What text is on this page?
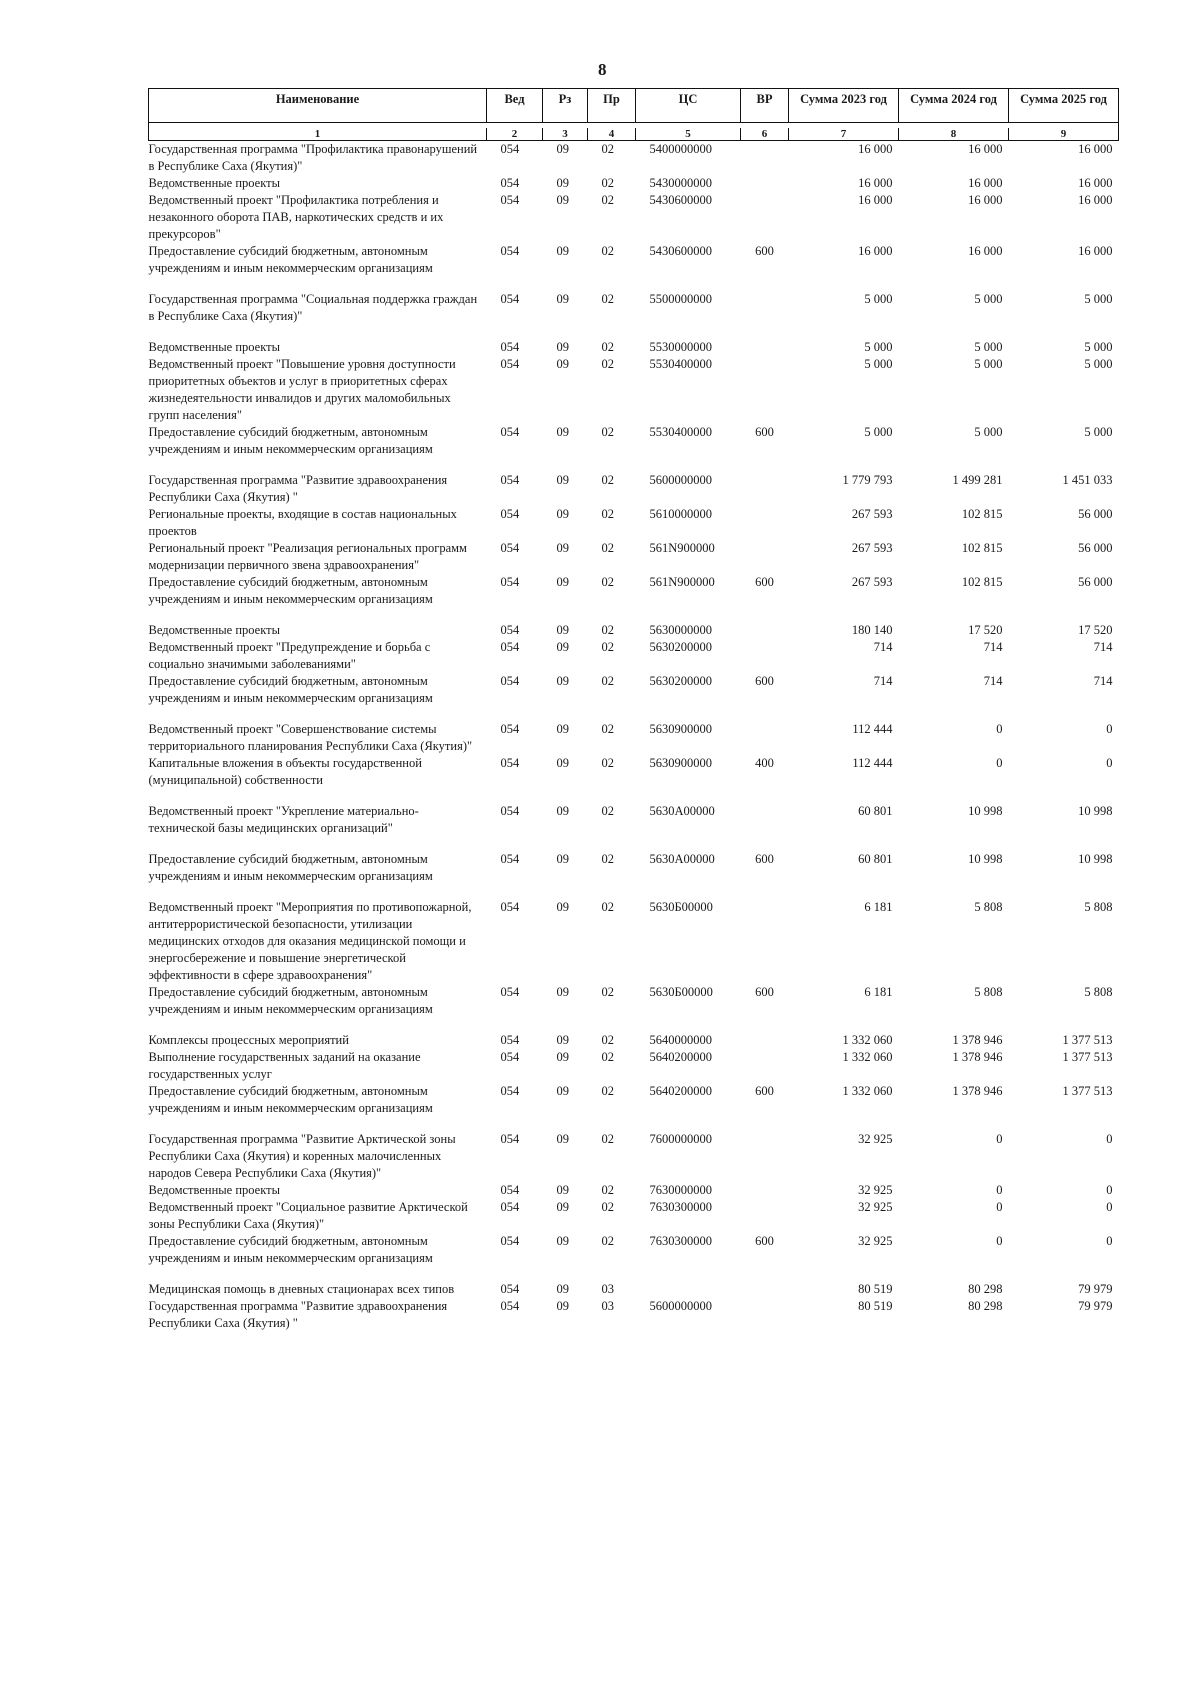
8
Наименование	Вед	Рз	Пр	ЦС	ВР	Сумма 2023 год	Сумма 2024 год	Сумма 2025 год

1	2	3	4	5	6	7	8	9
Государственная программа "Профилактика правонарушений в Республике Саха (Якутия)"	054	09	02	5400000000		16 000	16 000	16 000
Ведомственные проекты	054	09	02	5430000000		16 000	16 000	16 000
Ведомственный проект "Профилактика потребления и незаконного оборота ПАВ, наркотических средств и их прекурсоров"	054	09	02	5430600000		16 000	16 000	16 000
Предоставление субсидий бюджетным, автономным учреждениям и иным некоммерческим организациям	054	09	02	5430600000	600	16 000	16 000	16 000

Государственная программа "Социальная поддержка граждан в Республике Саха (Якутия)"	054	09	02	5500000000		5 000	5 000	5 000

Ведомственные проекты	054	09	02	5530000000		5 000	5 000	5 000
Ведомственный проект "Повышение уровня доступности приоритетных объектов и услуг в приоритетных сферах жизнедеятельности инвалидов и других маломобильных групп населения"	054	09	02	5530400000		5 000	5 000	5 000
Предоставление субсидий бюджетным, автономным учреждениям и иным некоммерческим организациям	054	09	02	5530400000	600	5 000	5 000	5 000

Государственная программа "Развитие здравоохранения Республики Саха (Якутия) "	054	09	02	5600000000		1 779 793	1 499 281	1 451 033
Региональные проекты, входящие в состав национальных проектов	054	09	02	5610000000		267 593	102 815	56 000
Региональный проект "Реализация региональных программ модернизации первичного звена здравоохранения"	054	09	02	561N900000		267 593	102 815	56 000
Предоставление субсидий бюджетным, автономным учреждениям и иным некоммерческим организациям	054	09	02	561N900000	600	267 593	102 815	56 000

Ведомственные проекты	054	09	02	5630000000		180 140	17 520	17 520
Ведомственный проект "Предупреждение и борьба с социально значимыми заболеваниями"	054	09	02	5630200000		714	714	714
Предоставление субсидий бюджетным, автономным учреждениям и иным некоммерческим организациям	054	09	02	5630200000	600	714	714	714

Ведомственный проект "Совершенствование системы территориального планирования Республики Саха (Якутия)"	054	09	02	5630900000		112 444	0	0
Капитальные вложения в объекты государственной (муниципальной) собственности	054	09	02	5630900000	400	112 444	0	0

Ведомственный проект "Укрепление материально-технической базы медицинских организаций"	054	09	02	5630А00000		60 801	10 998	10 998

Предоставление субсидий бюджетным, автономным учреждениям и иным некоммерческим организациям	054	09	02	5630А00000	600	60 801	10 998	10 998

Ведомственный проект "Мероприятия по противопожарной, антитеррористической безопасности, утилизации медицинских отходов для оказания медицинской помощи и энергосбережение и повышение энергетической эффективности в сфере здравоохранения"	054	09	02	5630Б00000		6 181	5 808	5 808
Предоставление субсидий бюджетным, автономным учреждениям и иным некоммерческим организациям	054	09	02	5630Б00000	600	6 181	5 808	5 808

Комплексы процессных мероприятий	054	09	02	5640000000		1 332 060	1 378 946	1 377 513
Выполнение государственных заданий на оказание государственных услуг	054	09	02	5640200000		1 332 060	1 378 946	1 377 513
Предоставление субсидий бюджетным, автономным учреждениям и иным некоммерческим организациям	054	09	02	5640200000	600	1 332 060	1 378 946	1 377 513

Государственная программа "Развитие Арктической зоны Республики Саха (Якутия) и коренных малочисленных народов Севера Республики Саха (Якутия)"	054	09	02	7600000000		32 925	0	0
Ведомственные проекты	054	09	02	7630000000		32 925	0	0
Ведомственный проект "Социальное развитие Арктической зоны Республики Саха (Якутия)"	054	09	02	7630300000		32 925	0	0
Предоставление субсидий бюджетным, автономным учреждениям и иным некоммерческим организациям	054	09	02	7630300000	600	32 925	0	0

Медицинская помощь в дневных стационарах всех типов	054	09	03			80 519	80 298	79 979
Государственная программа "Развитие здравоохранения Республики Саха (Якутия) "	054	09	03	5600000000		80 519	80 298	79 979
